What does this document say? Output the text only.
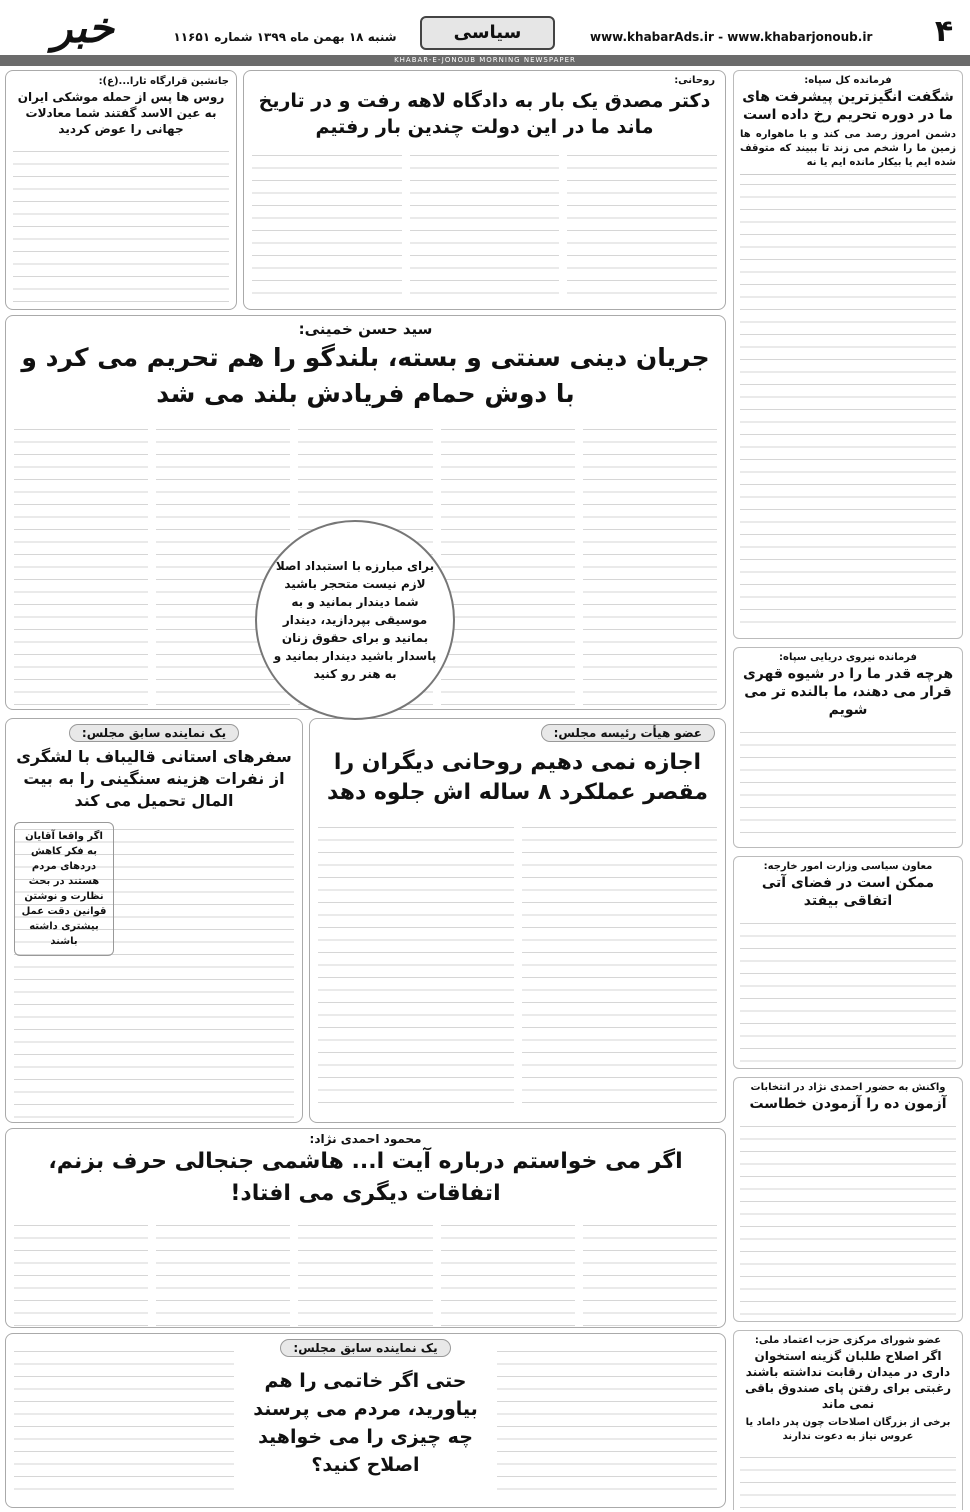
خبر	شنبه ۱۸ بهمن ماه ۱۳۹۹ شماره ۱۱۶۵۱	سیاسی	www.khabarAds.ir - www.khabarjonoub.ir	۴
KHABAR-E-JONOUB MORNING NEWSPAPER
فرمانده کل سپاه:
شگفت انگیزترین پیشرفت های ما در دوره تحریم رخ داده است
دشمن امروز رصد می کند و با ماهواره ها زمین ما را شخم می زند تا ببیند که متوقف شده ایم یا بیکار مانده ایم یا نه
فرمانده نیروی دریایی سپاه:
هرچه قدر ما را در شیوه قهری قرار می دهند، ما بالنده تر می شویم
معاون سیاسی وزارت امور خارجه:
ممکن است در فضای آتی اتفاقی بیفتد
واکنش به حضور احمدی نژاد در انتخابات
آزمون ده را آزمودن خطاست
عضو شورای مرکزی حزب اعتماد ملی:
اگر اصلاح طلبان گزینه استخوان داری در میدان رقابت نداشته باشند رغبتی برای رفتن پای صندوق باقی نمی ماند
برخی از بزرگان اصلاحات چون پدر داماد یا عروس نیاز به دعوت ندارند
روحانی:
دکتر مصدق یک بار به دادگاه لاهه رفت و در تاریخ ماند ما در این دولت چندین بار رفتیم
جانشین قرارگاه ثارا...(ع):
روس ها پس از حمله موشکی ایران به عین الاسد گفتند شما معادلات جهانی را عوض کردید
سید حسن خمینی:
جریان دینی سنتی و بسته، بلندگو را هم تحریم می کرد و با دوش حمام فریادش بلند می شد
برای مبارزه با استبداد اصلا لازم نیست متحجر باشید شما دیندار بمانید و به موسیقی بپردازید، دیندار بمانید و برای حقوق زنان پاسدار باشید دیندار بمانید و به هنر رو کنید
عضو هیأت رئیسه مجلس:
اجازه نمی دهیم روحانی دیگران را مقصر عملکرد ۸ ساله اش جلوه دهد
یک نماینده سابق مجلس:
سفرهای استانی قالیباف با لشگری از نفرات هزینه سنگینی را به بیت المال تحمیل می کند
اگر واقعا آقایان به فکر کاهش دردهای مردم هستند در بحث نظارت و نوشتن قوانین دقت عمل بیشتری داشته باشند
محمود احمدی نژاد:
اگر می خواستم درباره آیت ا... هاشمی جنجالی حرف بزنم، اتفاقات دیگری می افتاد!
یک نماینده سابق مجلس:
حتی اگر خاتمی را هم بیاورید، مردم می پرسند چه چیزی را می خواهید اصلاح کنید؟
